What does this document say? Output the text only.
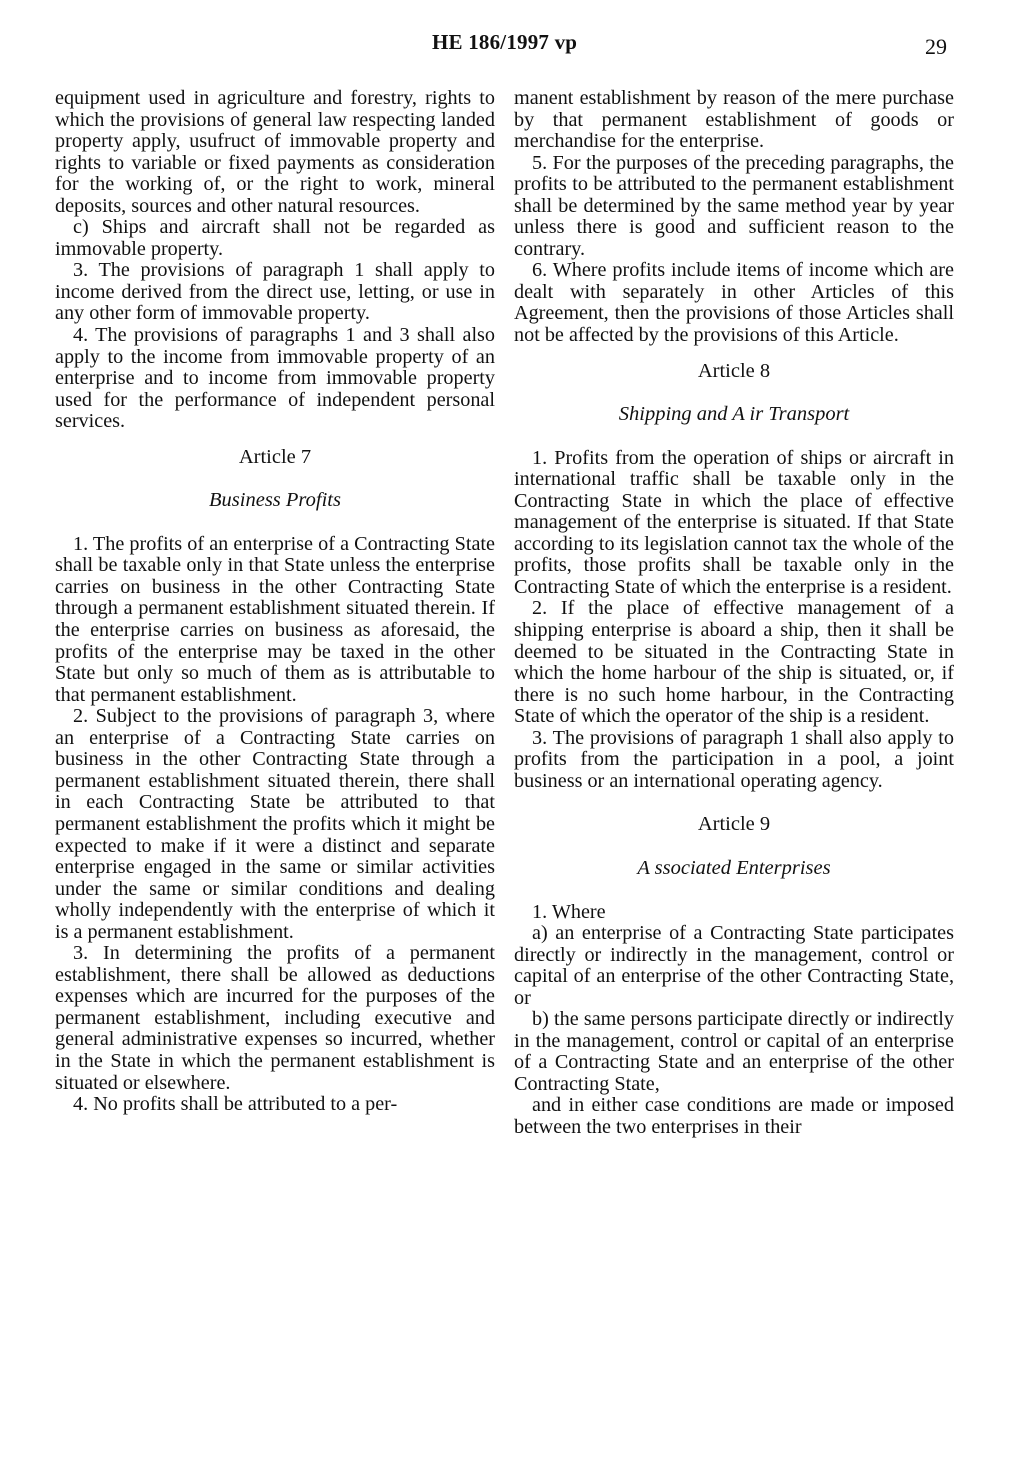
HE 186/1997 vp	29

equipment used in agriculture and forestry, rights to which the provisions of general law respecting landed property apply, usufruct of immovable property and rights to variable or fixed payments as consideration for the working of, or the right to work, mineral deposits, sources and other natural resources.

c) Ships and aircraft shall not be regarded as immovable property.

3. The provisions of paragraph 1 shall apply to income derived from the direct use, letting, or use in any other form of immovable property.

4. The provisions of paragraphs 1 and 3 shall also apply to the income from immovable property of an enterprise and to income from immovable property used for the performance of independent personal services.

Article 7

Business Profits

1. The profits of an enterprise of a Contracting State shall be taxable only in that State unless the enterprise carries on business in the other Contracting State through a permanent establishment situated therein. If the enterprise carries on business as aforesaid, the profits of the enterprise may be taxed in the other State but only so much of them as is attributable to that permanent establishment.

2. Subject to the provisions of paragraph 3, where an enterprise of a Contracting State carries on business in the other Contracting State through a permanent establishment situated therein, there shall in each Contracting State be attributed to that permanent establishment the profits which it might be expected to make if it were a distinct and separate enterprise engaged in the same or similar activities under the same or similar conditions and dealing wholly independently with the enterprise of which it is a permanent establishment.

3. In determining the profits of a permanent establishment, there shall be allowed as deductions expenses which are incurred for the purposes of the permanent establishment, including executive and general administrative expenses so incurred, whether in the State in which the permanent establishment is situated or elsewhere.

4. No profits shall be attributed to a per-

manent establishment by reason of the mere purchase by that permanent establishment of goods or merchandise for the enterprise.

5. For the purposes of the preceding paragraphs, the profits to be attributed to the permanent establishment shall be determined by the same method year by year unless there is good and sufficient reason to the contrary.

6. Where profits include items of income which are dealt with separately in other Articles of this Agreement, then the provisions of those Articles shall not be affected by the provisions of this Article.

Article 8

Shipping and A ir Transport

1. Profits from the operation of ships or aircraft in international traffic shall be taxable only in the Contracting State in which the place of effective management of the enterprise is situated. If that State according to its legislation cannot tax the whole of the profits, those profits shall be taxable only in the Contracting State of which the enterprise is a resident.

2. If the place of effective management of a shipping enterprise is aboard a ship, then it shall be deemed to be situated in the Contracting State in which the home harbour of the ship is situated, or, if there is no such home harbour, in the Contracting State of which the operator of the ship is a resident.

3. The provisions of paragraph 1 shall also apply to profits from the participation in a pool, a joint business or an international operating agency.

Article 9

A ssociated Enterprises

1. Where

a) an enterprise of a Contracting State participates directly or indirectly in the management, control or capital of an enterprise of the other Contracting State, or

b) the same persons participate directly or indirectly in the management, control or capital of an enterprise of a Contracting State and an enterprise of the other Contracting State,

and in either case conditions are made or imposed between the two enterprises in their
